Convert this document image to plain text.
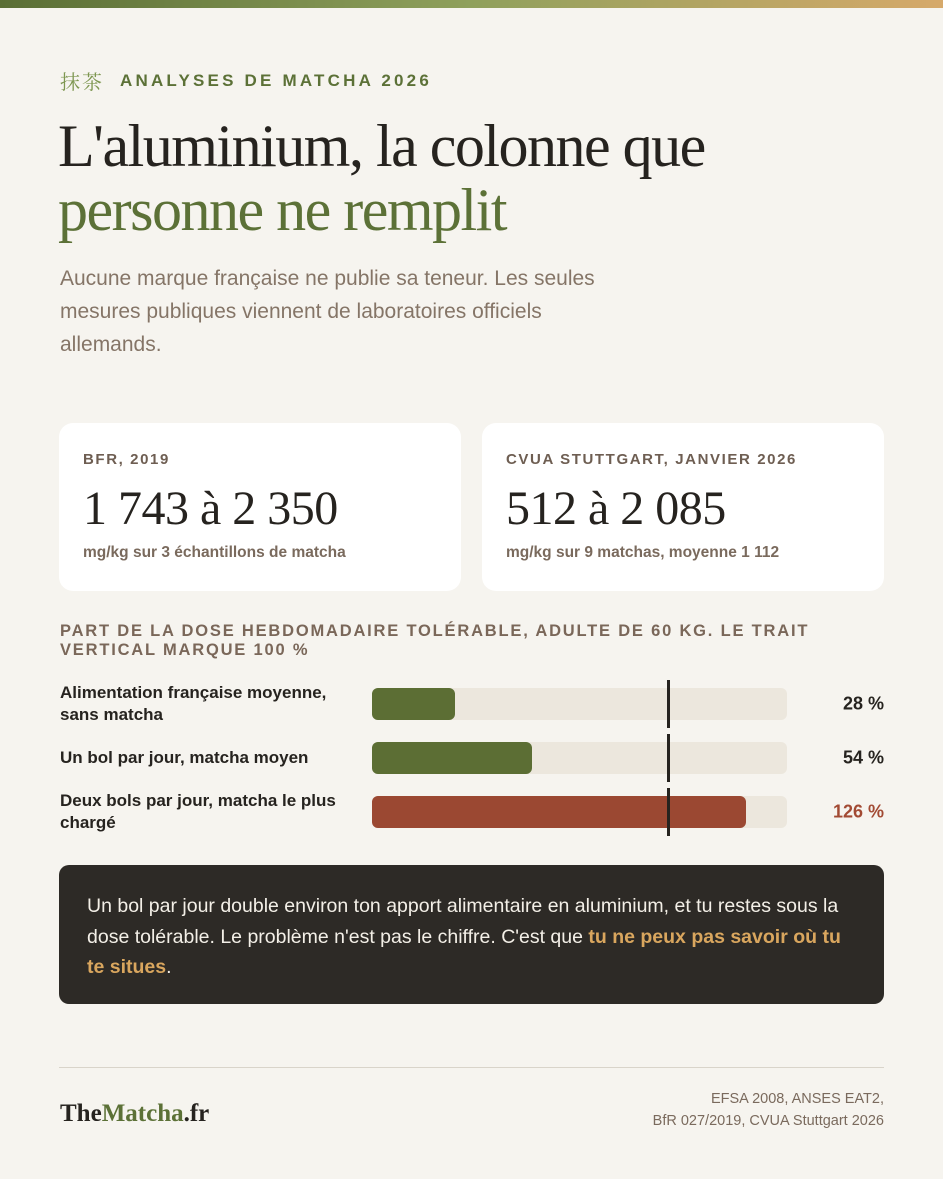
抹茶 ANALYSES DE MATCHA 2026
L'aluminium, la colonne que
personne ne remplit

Aucune marque française ne publie sa teneur. Les seules mesures publiques viennent de laboratoires officiels allemands.

BFR, 2019
1 743 à 2 350
mg/kg sur 3 échantillons de matcha
CVUA STUTTGART, JANVIER 2026
512 à 2 085
mg/kg sur 9 matchas, moyenne 1 112
PART DE LA DOSE HEBDOMADAIRE TOLÉRABLE, ADULTE DE 60 KG. LE TRAIT VERTICAL MARQUE 100 %
Alimentation française moyenne, sans matcha
28 %
Un bol par jour, matcha moyen	54 %
Deux bols par jour, matcha le plus chargé
126 %
Un bol par jour double environ ton apport alimentaire en aluminium, et tu restes sous la dose tolérable. Le problème n'est pas le chiffre. C'est que tu ne peux pas savoir où tu te situes.
TheMatcha.fr
EFSA 2008, ANSES EAT2,
BfR 027/2019, CVUA Stuttgart 2026
